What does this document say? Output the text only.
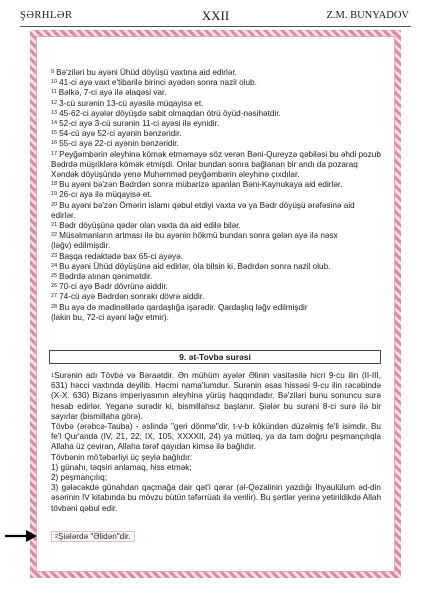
ŞƏRHLƏR	XXII	Z.M. BUNYADOV
$^9$ Bə'zilərі bu ayəni Ühüd döyüşü vaxtına aid edirlər.
$^{10}$ 41-ci ayə vaxt e'tibarilə birinci ayədən sonra nazil olub.
$^{11}$ Bəlkə, 7-ci ayə ilə əlaqəsi var.
$^{12}$ 3-cü surənin 13-cü ayəsilə müqayisə et.
$^{13}$ 45-62-ci ayələr döyüşdə sabit olmaqdan ötrü öyüd-nəsihətdir.
$^{14}$ 52-ci ayə 3-cü surənin 11-ci ayəsi ilə eynidir.
$^{15}$ 54-cü ayə 52-ci ayənin bənzəridir.
$^{16}$ 55-ci ayə 22-ci ayənin bənzəridir.
$^{17}$ Peyğəmbərin əleyhinə kömək etməməyə söz verən Bəni-Qureyzə qəbiləsi bu əhdi pozub Bədrdə müşriklərə kömək etmişdi. Onlar bundan sonra bağlanan bir andı da pozaraq Xəndək döyüşündə yenə Muhəmməd peyğəmbərin əleyhinə çıxdılar.
$^{18}$ Bu ayəni bə'zən Bədrdən sonra mübarizə apanlan Bəni-Kaynukaya aid edirlər.
$^{19}$ 26-cı ayə ilə müqayisə et.
$^{20}$ Bu ayəni bə'zən Ömərin islamı qəbul etdiyi vaxta və ya Bədr döyüşü ərəfəsinə aid edirlər.
$^{21}$ Bədr döyüşünə qədər olan vaxta da aid edilə bilər.
$^{22}$ Müsəlmanların artması ilə bu ayənin hökmü bundan sonra gələn ayə ilə nəsx
(ləğv) edilmişdir.
$^{23}$ Başqa redaktədə bax 65-ci ayəyə.
$^{24}$ Bu ayəni Ühüd döyüşünə aid edirlər, ola bilsin ki, Bədrdən sonra nazil olub.
$^{25}$ Bədrdə alınan qənimətdir.
$^{26}$ 70-ci ayə Bədr dövrünə aiddir.
$^{27}$ 74-cü ayə Bədrdən sonrakı dövrə aiddir.
$^{28}$ Bu ayə də mədinəlilərlə qardaşlığa işarədir. Qardaşlıq ləğv edilmişdir
(lakin bu, 72-ci ayəni ləğv etmir).
9. ət-Tovbə surəsi

$^1$Surənin adı Tövbə və Bəraətdir. Ən mühüm ayələr Əlinin vasitəsilə hicri 9-cu ilin (II-III, 631) həcci vaxtında deyilib. Həcmi nama'lumdur. Surənin əsas hissəsi 9-cu ilin rəcəbində (X-X. 630) Bizans imperiyasının əleyhinə yürüş haqqındadır. Bə'ziləri bunu sonuncu surə hesab edirlər. Yeganə surədir ki, bismillahsız başlanır. Şiələr bu surəni 8-ci surə ilə bir sayırlar (bismillaha görə).

Tövbə (ərəbcə-Tauba) - əslində "geri dönmə"dir, t-v-b kökündən düzəlmiş fe'li isimdir. Bu fe'l Qur'anda (IV, 21, 22; IX, 105; XXXXII, 24) ya mütləq, ya da tam doğru peşmançılıqla Allaha üz çeviran, Allaha tərəf qayıdan kimsə ilə bağlıdır.

Tövbənin mö'təbərliyi üç şeylə bağlıdır:

1) günahı, təqsiri anlamaq, hiss etmək;

2) peşmançılıq;

3) gələcəkdə günahdan qaçmağa dair qət'i qərar (əl-Qəzalinin yazdığı İhyaulülum əd-din əsərinin IV kitabında bu mövzu bütün təfərrüatı ilə verilir). Bu şərtlər yerinə yetirildikdə Allah tövbəni qəbul edir.

$^2$Şiələrdə "Əlidən"dir.
